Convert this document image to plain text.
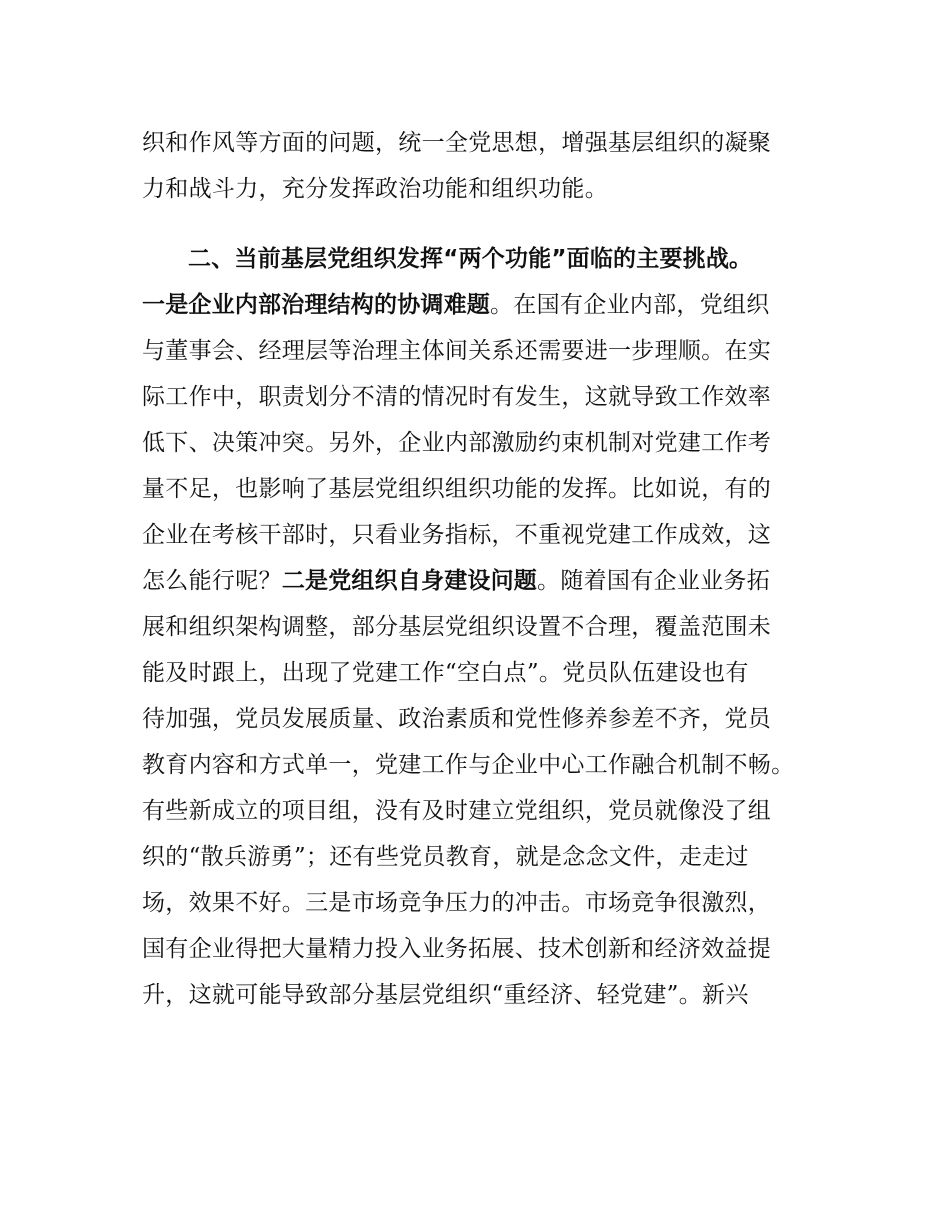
织和作风等方面的问题，统一全党思想，增强基层组织的凝聚
力和战斗力，充分发挥政治功能和组织功能。
二、当前基层党组织发挥“两个功能”面临的主要挑战。
一是企业内部治理结构的协调难题。在国有企业内部，党组织
与董事会、经理层等治理主体间关系还需要进一步理顺。在实
际工作中，职责划分不清的情况时有发生，这就导致工作效率
低下、决策冲突。另外，企业内部激励约束机制对党建工作考
量不足，也影响了基层党组织组织功能的发挥。比如说，有的
企业在考核干部时，只看业务指标，不重视党建工作成效，这
怎么能行呢？二是党组织自身建设问题。随着国有企业业务拓
展和组织架构调整，部分基层党组织设置不合理，覆盖范围未
能及时跟上，出现了党建工作“空白点”。党员队伍建设也有
待加强，党员发展质量、政治素质和党性修养参差不齐，党员
教育内容和方式单一，党建工作与企业中心工作融合机制不畅。
有些新成立的项目组，没有及时建立党组织，党员就像没了组
织的“散兵游勇”；还有些党员教育，就是念念文件，走走过
场，效果不好。三是市场竞争压力的冲击。市场竞争很激烈，
国有企业得把大量精力投入业务拓展、技术创新和经济效益提
升，这就可能导致部分基层党组织“重经济、轻党建”。新兴
